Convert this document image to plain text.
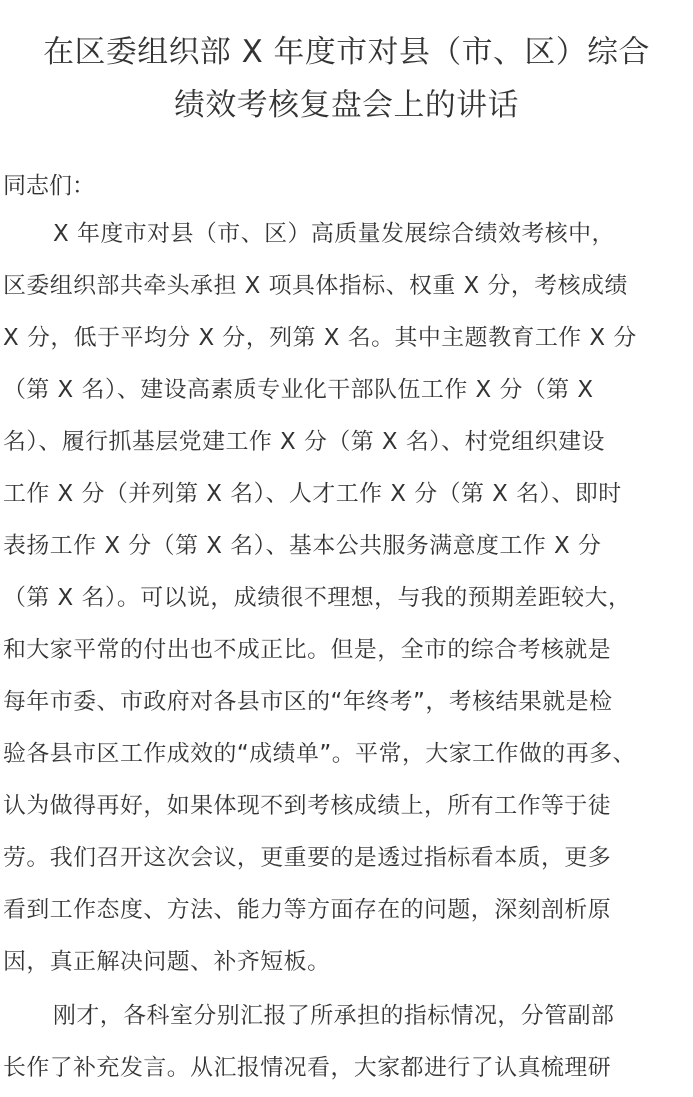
在区委组织部 X 年度市对县（市、区）综合
绩效考核复盘会上的讲话

同志们：

X 年度市对县（市、区）高质量发展综合绩效考核中，
区委组织部共牵头承担 X 项具体指标、权重 X 分，考核成绩
X 分，低于平均分 X 分，列第 X 名。其中主题教育工作 X 分
（第 X 名）、建设高素质专业化干部队伍工作 X 分（第 X
名）、履行抓基层党建工作 X 分（第 X 名）、村党组织建设
工作 X 分（并列第 X 名）、人才工作 X 分（第 X 名）、即时
表扬工作 X 分（第 X 名）、基本公共服务满意度工作 X 分
（第 X 名）。可以说，成绩很不理想，与我的预期差距较大，
和大家平常的付出也不成正比。但是，全市的综合考核就是
每年市委、市政府对各县市区的“年终考”，考核结果就是检
验各县市区工作成效的“成绩单”。平常，大家工作做的再多、
认为做得再好，如果体现不到考核成绩上，所有工作等于徒
劳。我们召开这次会议，更重要的是透过指标看本质，更多
看到工作态度、方法、能力等方面存在的问题，深刻剖析原
因，真正解决问题、补齐短板。
刚才，各科室分别汇报了所承担的指标情况，分管副部
长作了补充发言。从汇报情况看，大家都进行了认真梳理研
